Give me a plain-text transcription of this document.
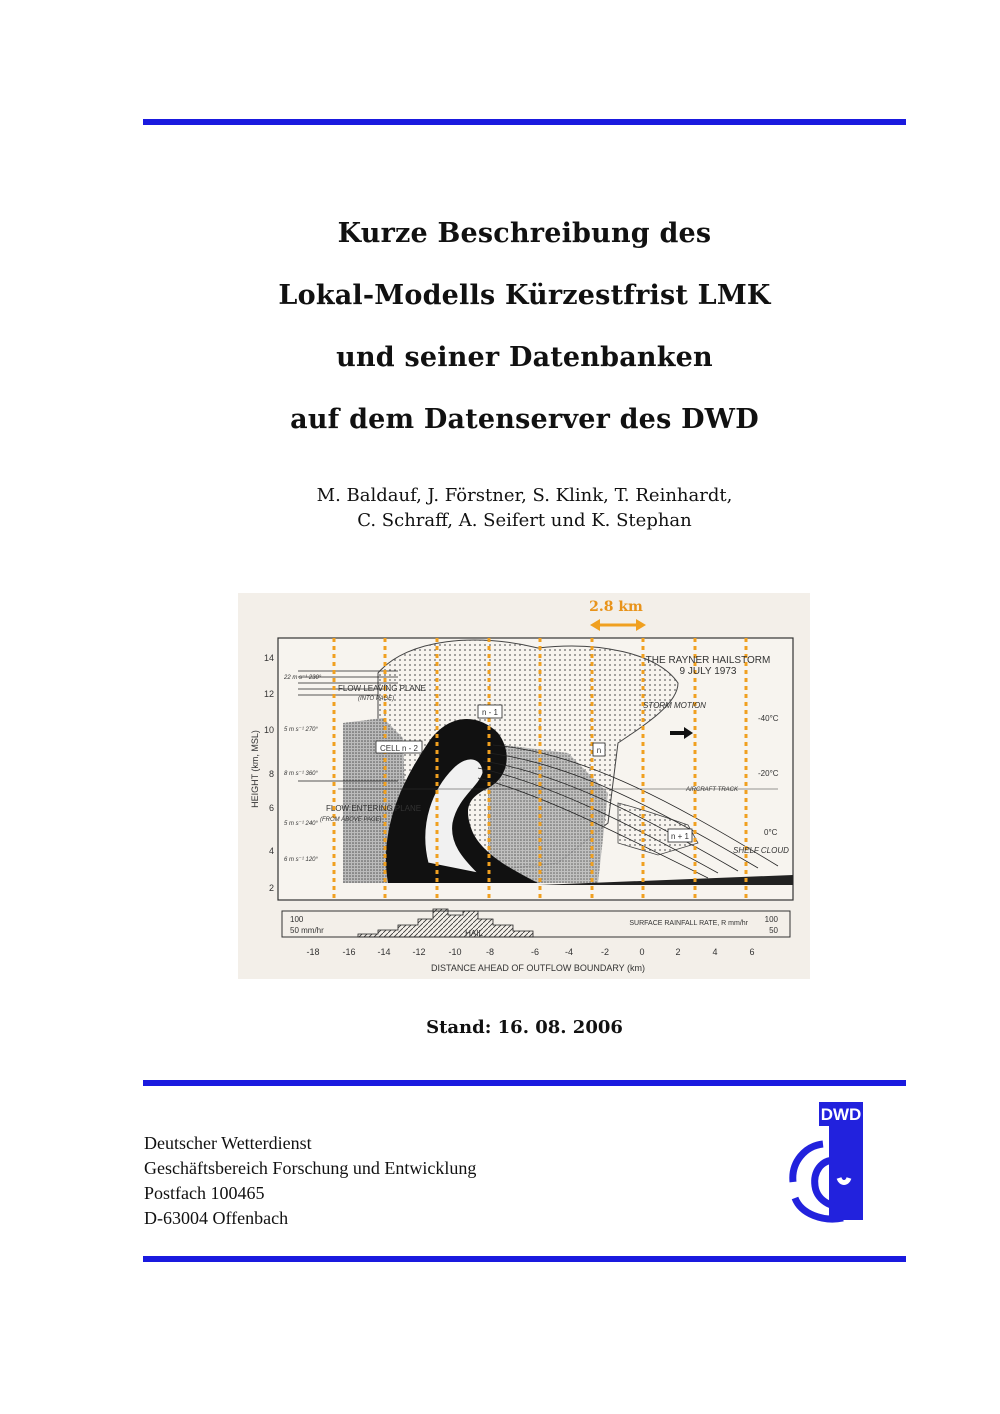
Kurze Beschreibung des
Lokal-Modells Kürzestfrist LMK
und seiner Datenbanken
auf dem Datenserver des DWD
M. Baldauf, J. Förstner, S. Klink, T. Reinhardt,
C. Schraff, A. Seifert und K. Stephan
2.8 km
THE RAYNER HAILSTORM
9 JULY 1973
14
12
10
8
6
4
2
HEIGHT (km, MSL)
FLOW LEAVING PLANE
(INTO PAGE)
FLOW ENTERING PLANE
(FROM ABOVE PAGE)
CELL n - 2
n - 1
n
n + 1
STORM MOTION
AIRCRAFT TRACK
SHELF CLOUD
-40°C
-20°C
0°C
22 m s⁻¹ 230°
5 m s⁻¹ 270°
8 m s⁻¹ 360°
5 m s⁻¹ 240°
6 m s⁻¹ 120°
HAIL
100
50 mm/hr
100
50
SURFACE RAINFALL RATE, R mm/hr
-18	-16 -14 -12	-10	-8	-6	-4	-2	0	2	4	6
DISTANCE AHEAD OF OUTFLOW BOUNDARY (km)
Stand: 16. 08. 2006
Deutscher Wetterdienst
Geschäftsbereich Forschung und Entwicklung
Postfach 100465
D-63004 Offenbach
DWD
